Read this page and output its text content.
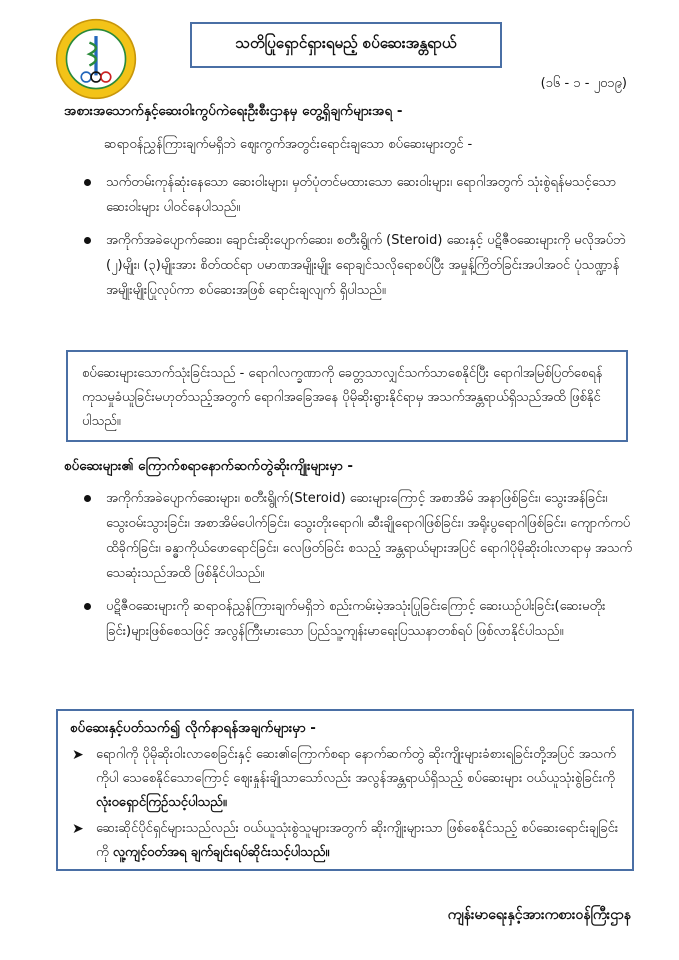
သတိပြုရှောင်ရှားရမည့် စပ်ဆေးအန္တရာယ်
(၁၆ - ၁ - ၂၀၁၉)
အစားအသောက်နှင့်ဆေးဝါးကွပ်ကဲရေးဦးစီးဌာနမှ တွေ့ရှိချက်များအရ -
ဆရာဝန်ညွှန်ကြားချက်မရှိဘဲ ဈေးကွက်အတွင်းရောင်းချသော စပ်ဆေးများတွင် -
သက်တမ်းကုန်ဆုံးနေသော ဆေးဝါးများ၊ မှတ်ပုံတင်မထားသော ဆေးဝါးများ၊ ရောဂါအတွက် သုံးစွဲရန်မသင့်သော ဆေးဝါးများ ပါဝင်နေပါသည်။
အကိုက်အခဲပျောက်ဆေး၊ ချောင်းဆိုးပျောက်ဆေး၊ စတီးရွိုက် (Steroid) ဆေးနှင့် ပဋိဇီဝဆေးများကို မလိုအပ်ဘဲ (၂)မျိုး၊ (၃)မျိုးအား စိတ်ထင်ရာ ပမာဏအမျိုးမျိုး ရောချင်သလိုရောစပ်ပြီး အမှုန့်ကြိတ်ခြင်းအပါအဝင် ပုံသဏ္ဍာန်အမျိုးမျိုးပြုလုပ်ကာ စပ်ဆေးအဖြစ် ရောင်းချလျက် ရှိပါသည်။
စပ်ဆေးများသောက်သုံးခြင်းသည် - ရောဂါလက္ခဏာကို ခေတ္တသာလျှင်သက်သာစေနိုင်ပြီး ရောဂါအမြစ်ပြတ်စေရန် ကုသမှုခံယူခြင်းမဟုတ်သည့်အတွက် ရောဂါအခြေအနေ ပိုမိုဆိုးရွားနိုင်ရာမှ အသက်အန္တရာယ်ရှိသည်အထိ ဖြစ်နိုင်ပါသည်။
စပ်ဆေးများ၏ ကြောက်စရာနောက်ဆက်တွဲဆိုးကျိုးများမှာ -
အကိုက်အခဲပျောက်ဆေးများ၊ စတီးရွိုက်(Steroid) ဆေးများကြောင့် အစာအိမ် အနာဖြစ်ခြင်း၊ သွေးအန်ခြင်း၊ သွေးဝမ်းသွားခြင်း၊ အစာအိမ်ပေါက်ခြင်း၊ သွေးတိုးရောဂါ၊ ဆီးချိုရောဂါဖြစ်ခြင်း၊ အရိုးပွရောဂါဖြစ်ခြင်း၊ ကျောက်ကပ်ထိခိုက်ခြင်း၊ ခန္ဓာကိုယ်ဖောရောင်ခြင်း၊ လေဖြတ်ခြင်း စသည့် အန္တရာယ်များအပြင် ရောဂါပိုမိုဆိုးဝါးလာရာမှ အသက်သေဆုံးသည်အထိ ဖြစ်နိုင်ပါသည်။
ပဋိဇီဝဆေးများကို ဆရာဝန်ညွှန်ကြားချက်မရှိဘဲ စည်းကမ်းမဲ့အသုံးပြုခြင်းကြောင့် ဆေးယဉ်ပါးခြင်း(ဆေးမတိုးခြင်း)များဖြစ်စေသဖြင့် အလွန်ကြီးမားသော ပြည်သူ့ကျန်းမာရေးပြဿနာတစ်ရပ် ဖြစ်လာနိုင်ပါသည်။
စပ်ဆေးနှင့်ပတ်သက်၍ လိုက်နာရန်အချက်များမှာ -
➤ ရောဂါကို ပိုမိုဆိုးဝါးလာစေခြင်းနှင့် ဆေး၏ကြောက်စရာ နောက်ဆက်တွဲ ဆိုးကျိုးများခံစားရခြင်းတို့အပြင် အသက်ကိုပါ သေစေနိုင်သောကြောင့် ဈေးနှုန်းချိုသာသော်လည်း အလွန်အန္တရာယ်ရှိသည့် စပ်ဆေးများ ဝယ်ယူသုံးစွဲခြင်းကို လုံးဝရှောင်ကြဉ်သင့်ပါသည်။
➤ ဆေးဆိုင်ပိုင်ရှင်များသည်လည်း ဝယ်ယူသုံးစွဲသူများအတွက် ဆိုးကျိုးများသာ ဖြစ်စေနိုင်သည့် စပ်ဆေးရောင်းချခြင်းကို လူ့ကျင့်ဝတ်အရ ချက်ချင်းရပ်ဆိုင်းသင့်ပါသည်။
ကျန်းမာရေးနှင့်အားကစားဝန်ကြီးဌာန
